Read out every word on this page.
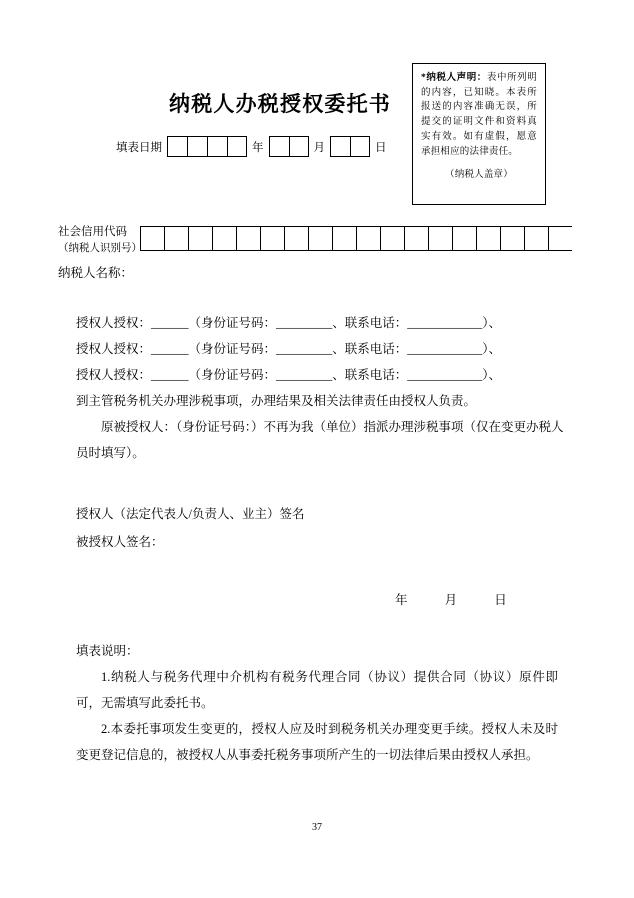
*纳税人声明：表中所列明的内容，已知晓。本表所报送的内容准确无误，所提交的证明文件和资料真实有效。如有虚假，愿意承担相应的法律责任。
（纳税人盖章）
纳税人办税授权委托书
填表日期	年	月	日
社会信用代码
（纳税人识别号）
纳税人名称：

授权人授权：______（身份证号码：_________、联系电话：____________）、

授权人授权：______（身份证号码：_________、联系电话：____________）、

授权人授权：______（身份证号码：_________、联系电话：____________）、

到主管税务机关办理涉税事项，办理结果及相关法律责任由授权人负责。

原被授权人：（身份证号码：）不再为我（单位）指派办理涉税事项（仅在变更办税人员时填写）。

授权人（法定代表人/负责人、业主）签名
被授权人签名：
年	月	日

填表说明：

1.纳税人与税务代理中介机构有税务代理合同（协议）提供合同（协议）原件即可，无需填写此委托书。

2.本委托事项发生变更的，授权人应及时到税务机关办理变更手续。授权人未及时变更登记信息的，被授权人从事委托税务事项所产生的一切法律后果由授权人承担。

37
